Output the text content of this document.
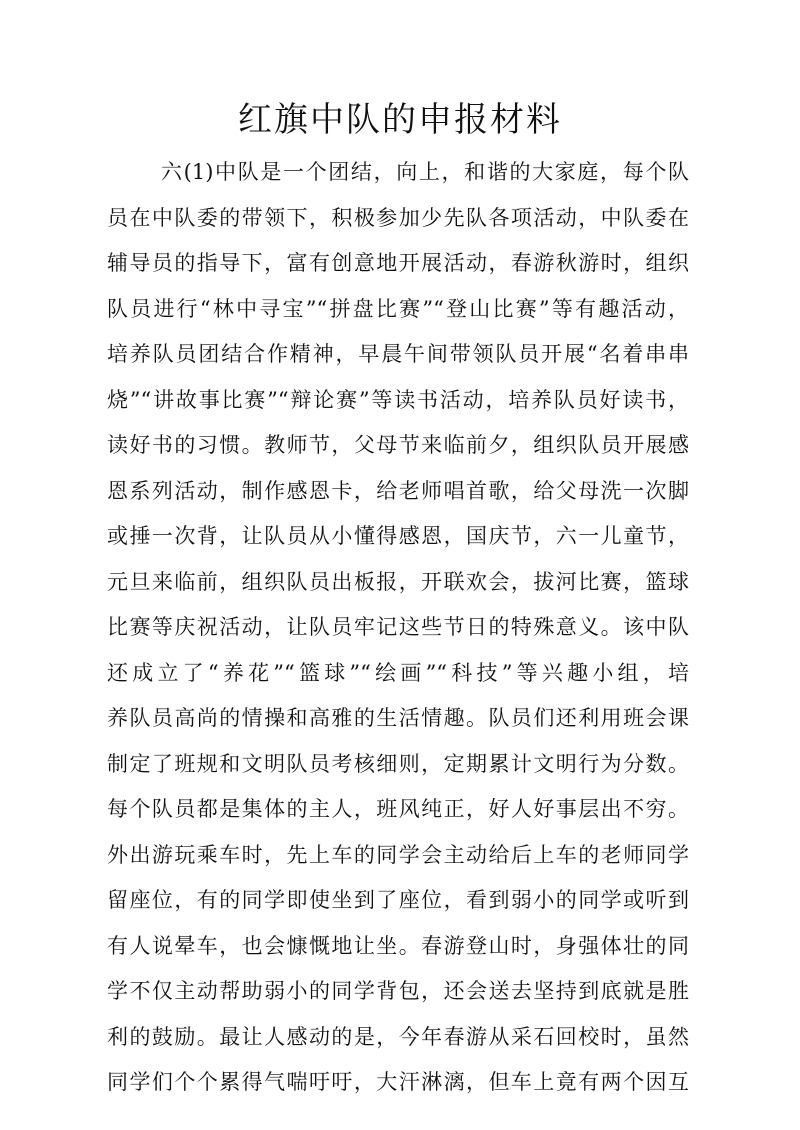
红旗中队的申报材料
六(1)中队是一个团结，向上，和谐的大家庭，每个队
员在中队委的带领下，积极参加少先队各项活动，中队委在
辅导员的指导下，富有创意地开展活动，春游秋游时，组织
队员进行“林中寻宝”“拼盘比赛”“登山比赛”等有趣活动，
培养队员团结合作精神，早晨午间带领队员开展“名着串串
烧”“讲故事比赛”“辩论赛”等读书活动，培养队员好读书，
读好书的习惯。教师节，父母节来临前夕，组织队员开展感
恩系列活动，制作感恩卡，给老师唱首歌，给父母洗一次脚
或捶一次背，让队员从小懂得感恩，国庆节，六一儿童节，
元旦来临前，组织队员出板报，开联欢会，拔河比赛，篮球
比赛等庆祝活动，让队员牢记这些节日的特殊意义。该中队
还成立了“养花”“篮球”“绘画”“科技”等兴趣小组，培
养队员高尚的情操和高雅的生活情趣。队员们还利用班会课
制定了班规和文明队员考核细则，定期累计文明行为分数。
每个队员都是集体的主人，班风纯正，好人好事层出不穷。
外出游玩乘车时，先上车的同学会主动给后上车的老师同学
留座位，有的同学即使坐到了座位，看到弱小的同学或听到
有人说晕车，也会慷慨地让坐。春游登山时，身强体壮的同
学不仅主动帮助弱小的同学背包，还会送去坚持到底就是胜
利的鼓励。最让人感动的是，今年春游从采石回校时，虽然
同学们个个累得气喘吁吁，大汗淋漓，但车上竟有两个因互
